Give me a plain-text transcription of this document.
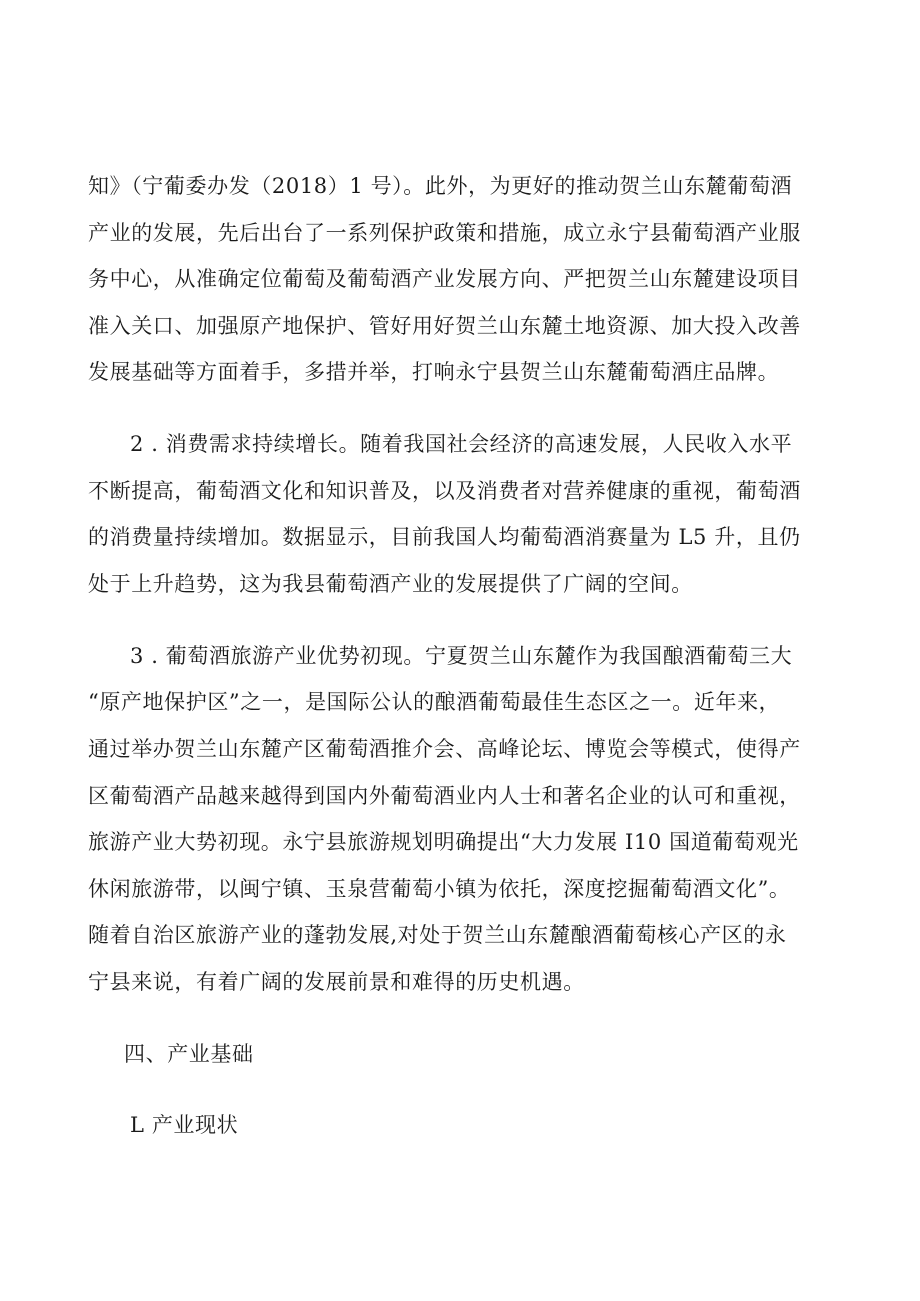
知》（宁葡委办发（2018）1 号）。此外，为更好的推动贺兰山东麓葡萄酒
产业的发展，先后出台了一系列保护政策和措施，成立永宁县葡萄酒产业服
务中心，从准确定位葡萄及葡萄酒产业发展方向、严把贺兰山东麓建设项目
准入关口、加强原产地保护、管好用好贺兰山东麓土地资源、加大投入改善
发展基础等方面着手，多措并举，打响永宁县贺兰山东麓葡萄酒庄品牌。
2 . 消费需求持续增长。随着我国社会经济的高速发展，人民收入水平
不断提高，葡萄酒文化和知识普及，以及消费者对营养健康的重视，葡萄酒
的消费量持续增加。数据显示，目前我国人均葡萄酒消赛量为 L5 升，且仍
处于上升趋势，这为我县葡萄酒产业的发展提供了广阔的空间。
3 . 葡萄酒旅游产业优势初现。宁夏贺兰山东麓作为我国酿酒葡萄三大
“原产地保护区”之一，是国际公认的酿酒葡萄最佳生态区之一。近年来，
通过举办贺兰山东麓产区葡萄酒推介会、高峰论坛、博览会等模式，使得产
区葡萄酒产品越来越得到国内外葡萄酒业内人士和著名企业的认可和重视，
旅游产业大势初现。永宁县旅游规划明确提出“大力发展 I10 国道葡萄观光
休闲旅游带，以闽宁镇、玉泉营葡萄小镇为依托，深度挖掘葡萄酒文化”。
随着自治区旅游产业的蓬勃发展,对处于贺兰山东麓酿酒葡萄核心产区的永
宁县来说，有着广阔的发展前景和难得的历史机遇。
四、产业基础
L 产业现状
